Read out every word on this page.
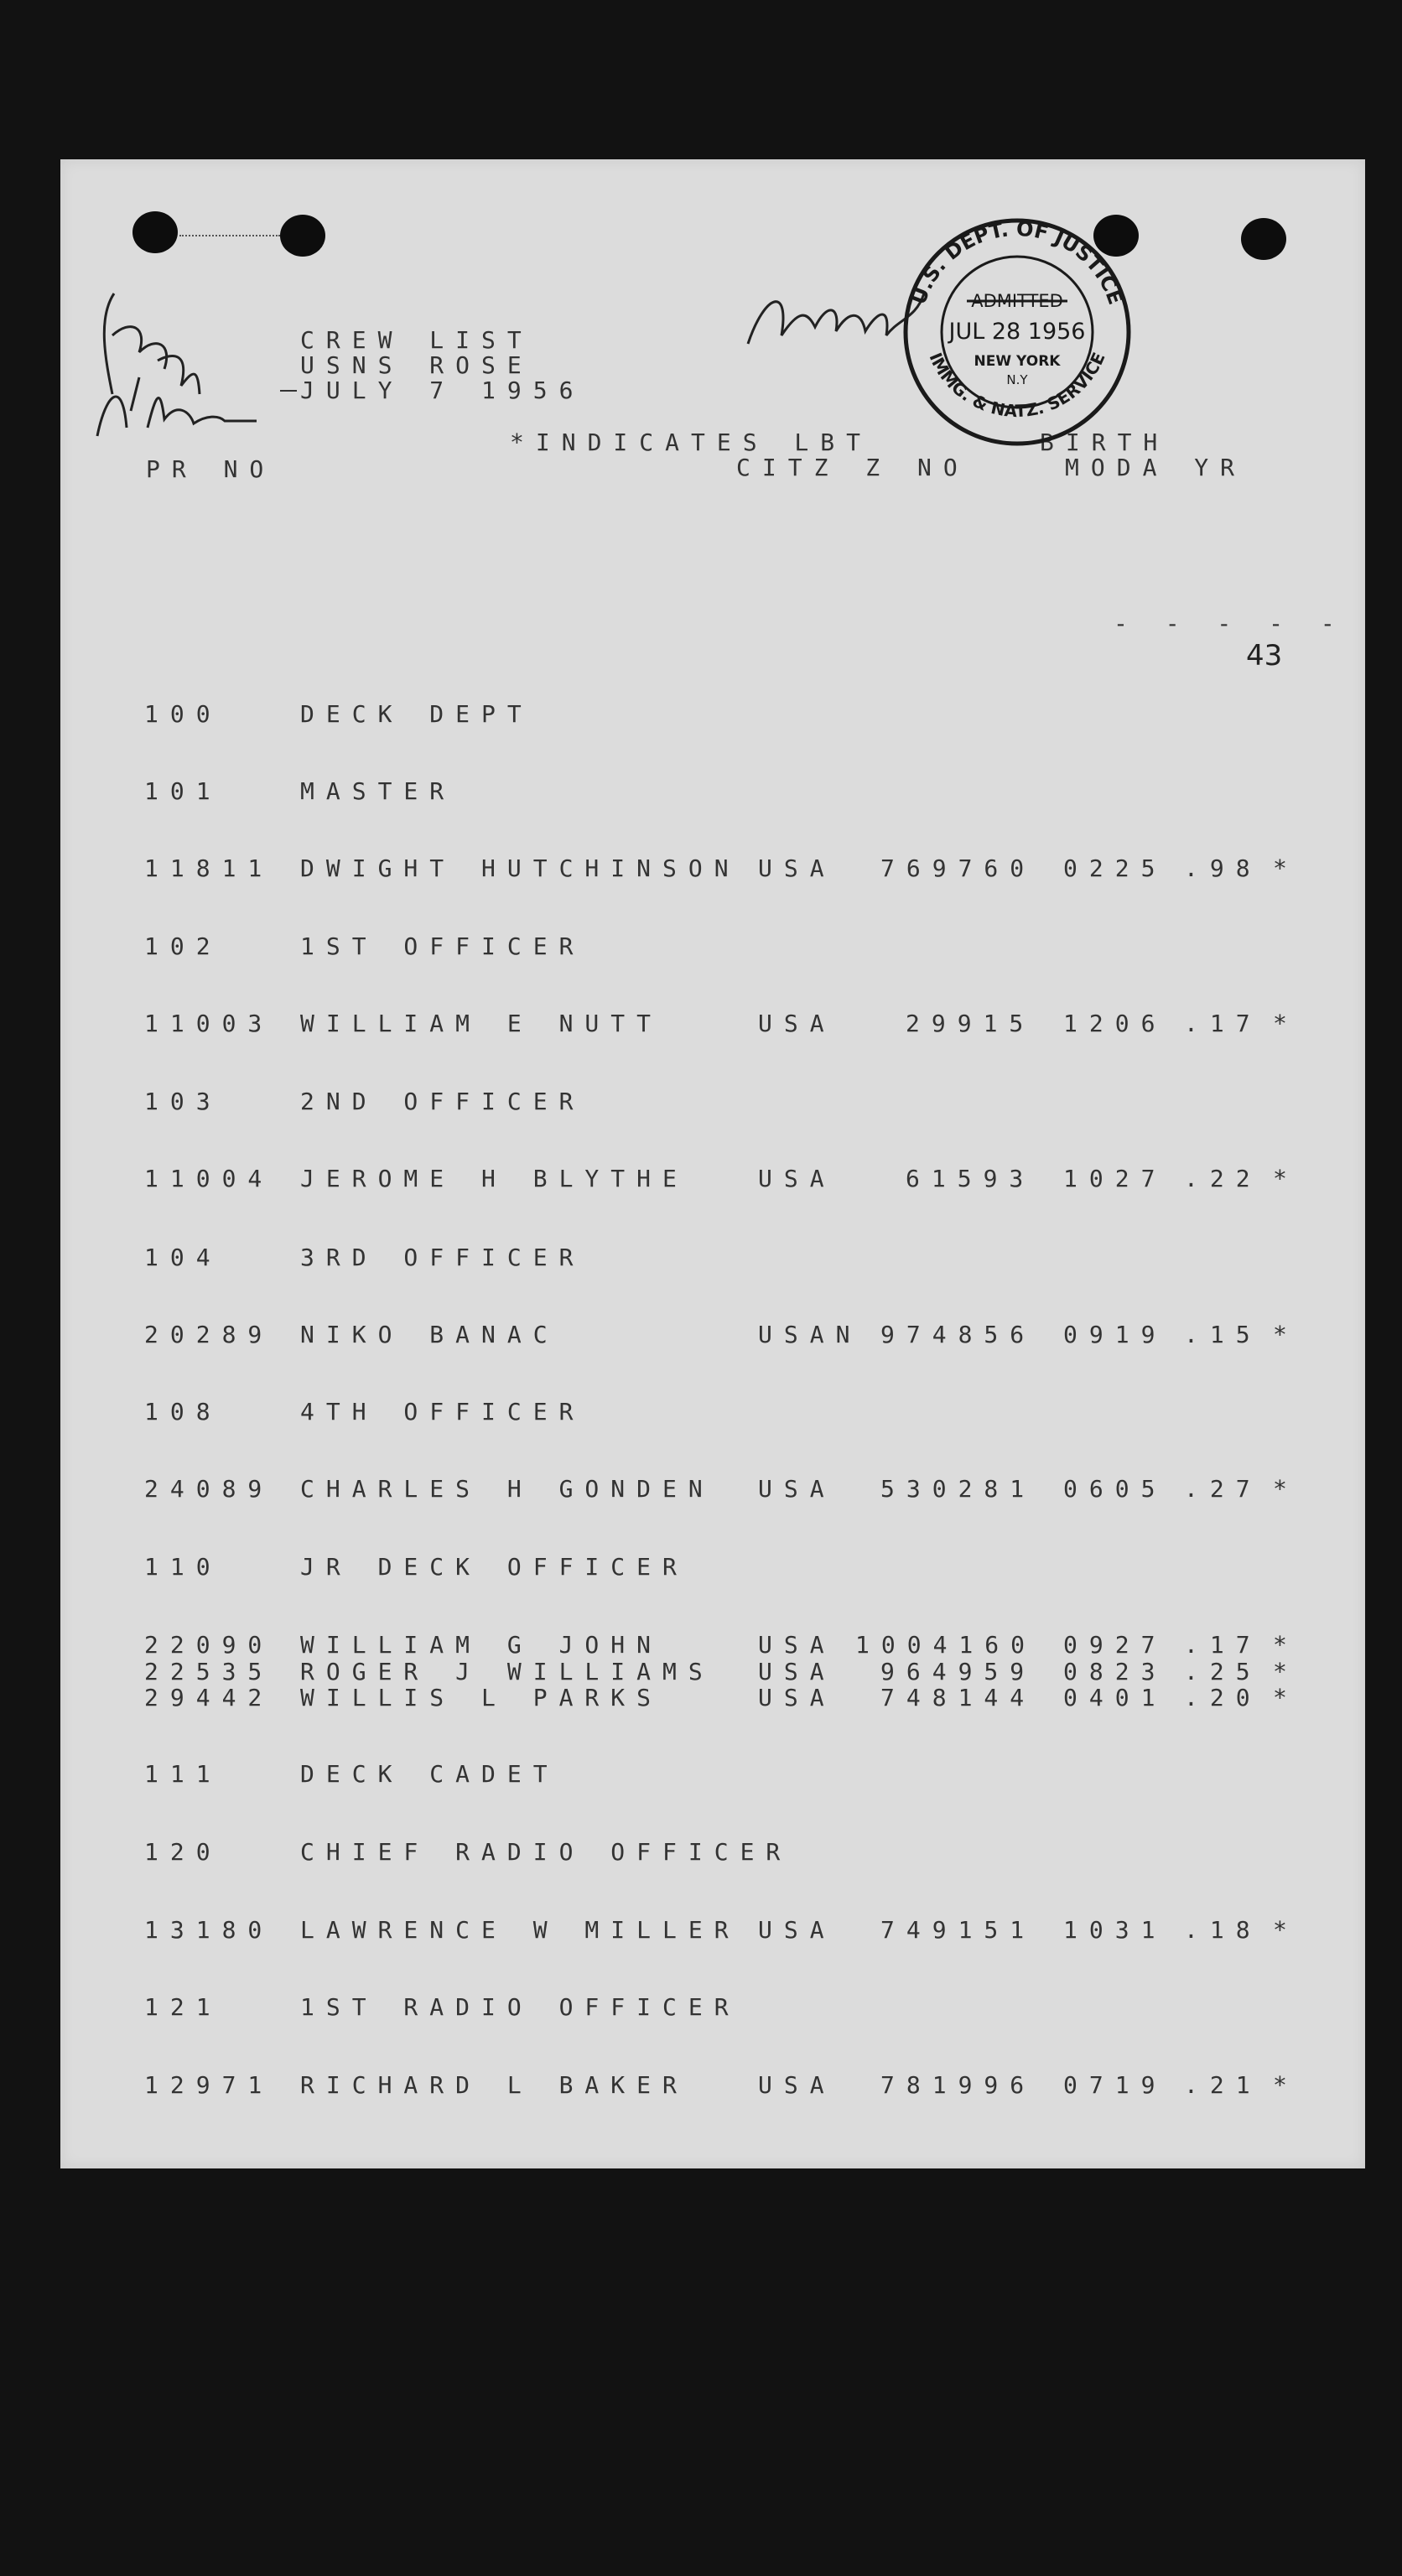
CREW LIST
USNS ROSE
JULY 7 1956
*INDICATES LBT
CITZ Z NO
BIRTH
MODA YR
PR NO
43
U.S. DEPT. OF JUSTICE
IMMG. & NATZ. SERVICE
ADMITTED
JUL 28 1956
NEW YORK
N.Y
- - - - -
100	DECK DEPT
101	MASTER
11811 DWIGHT HUTCHINSON USA 769760 0225 .98 *
102	1ST OFFICER
11003 WILLIAM E NUTT	USA	29915 1206 .17 *
103	2ND OFFICER
11004 JEROME H BLYTHE	USA	61593 1027 .22 *
104	3RD OFFICER
20289 NIKO BANAC	USAN 974856 0919 .15 *
108	4TH OFFICER
24089 CHARLES H GONDEN USA 530281 0605 .27 *
110	JR DECK OFFICER
22090 WILLIAM G JOHN	USA 1004160 0927 .17 *
22535 ROGER J WILLIAMS USA 964959 0823 .25 *
29442 WILLIS L PARKS	USA 748144 0401 .20 *
111	DECK CADET
120	CHIEF RADIO OFFICER
13180 LAWRENCE W MILLER USA 749151 1031 .18 *
121	1ST RADIO OFFICER
12971 RICHARD L BAKER	USA 781996 0719 .21 *
